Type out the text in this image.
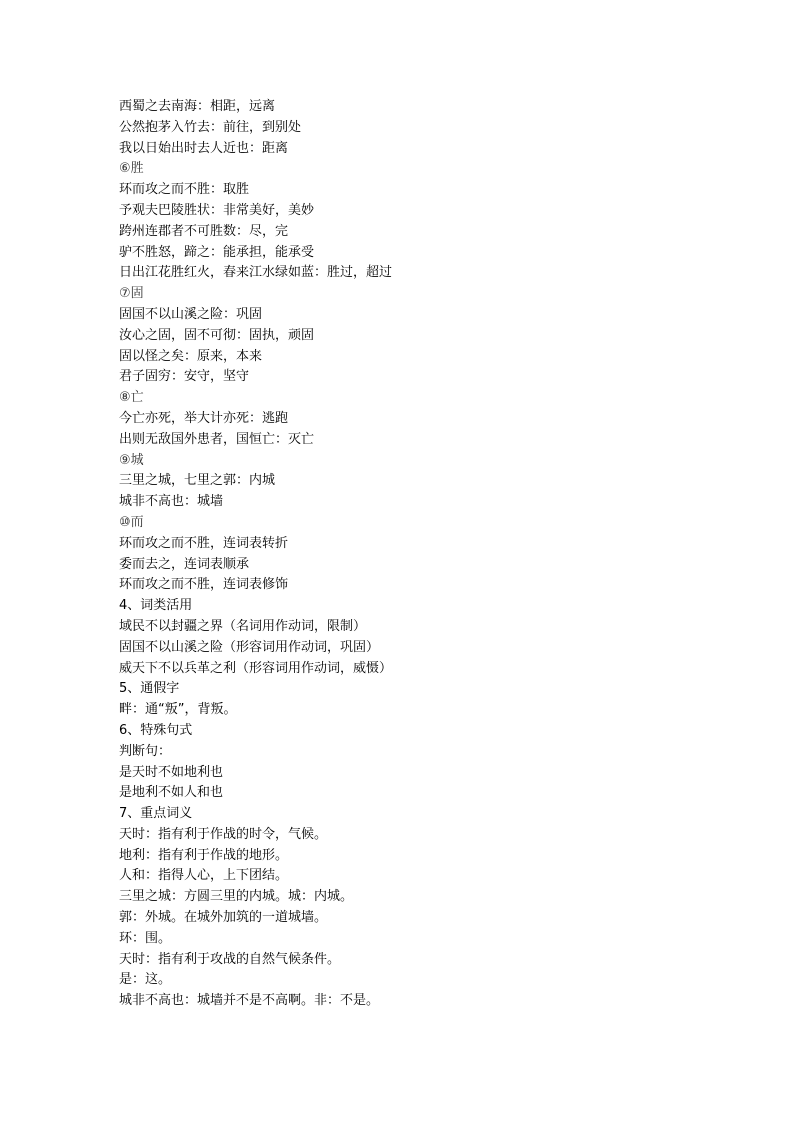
西蜀之去南海：相距，远离
公然抱茅入竹去：前往，到别处
我以日始出时去人近也：距离
⑥胜
环而攻之而不胜：取胜
予观夫巴陵胜状：非常美好，美妙
跨州连郡者不可胜数：尽，完
驴不胜怒，蹄之：能承担，能承受
日出江花胜红火，春来江水绿如蓝：胜过，超过
⑦固
固国不以山溪之险：巩固
汝心之固，固不可彻：固执，顽固
固以怪之矣：原来，本来
君子固穷：安守，坚守
⑧亡
今亡亦死，举大计亦死：逃跑
出则无敌国外患者，国恒亡：灭亡
⑨城
三里之城，七里之郭：内城
城非不高也：城墙
⑩而
环而攻之而不胜，连词表转折
委而去之，连词表顺承
环而攻之而不胜，连词表修饰
4、词类活用
域民不以封疆之界（名词用作动词，限制）
固国不以山溪之险（形容词用作动词，巩固）
威天下不以兵革之利（形容词用作动词，威慑）
5、通假字
畔：通“叛”，背叛。
6、特殊句式
判断句：
是天时不如地利也
是地利不如人和也
7、重点词义
天时：指有利于作战的时令，气候。
地利：指有利于作战的地形。
人和：指得人心，上下团结。
三里之城：方圆三里的内城。城：内城。
郭：外城。在城外加筑的一道城墙。
环：围。
天时：指有利于攻战的自然气候条件。
是：这。
城非不高也：城墙并不是不高啊。非：不是。
